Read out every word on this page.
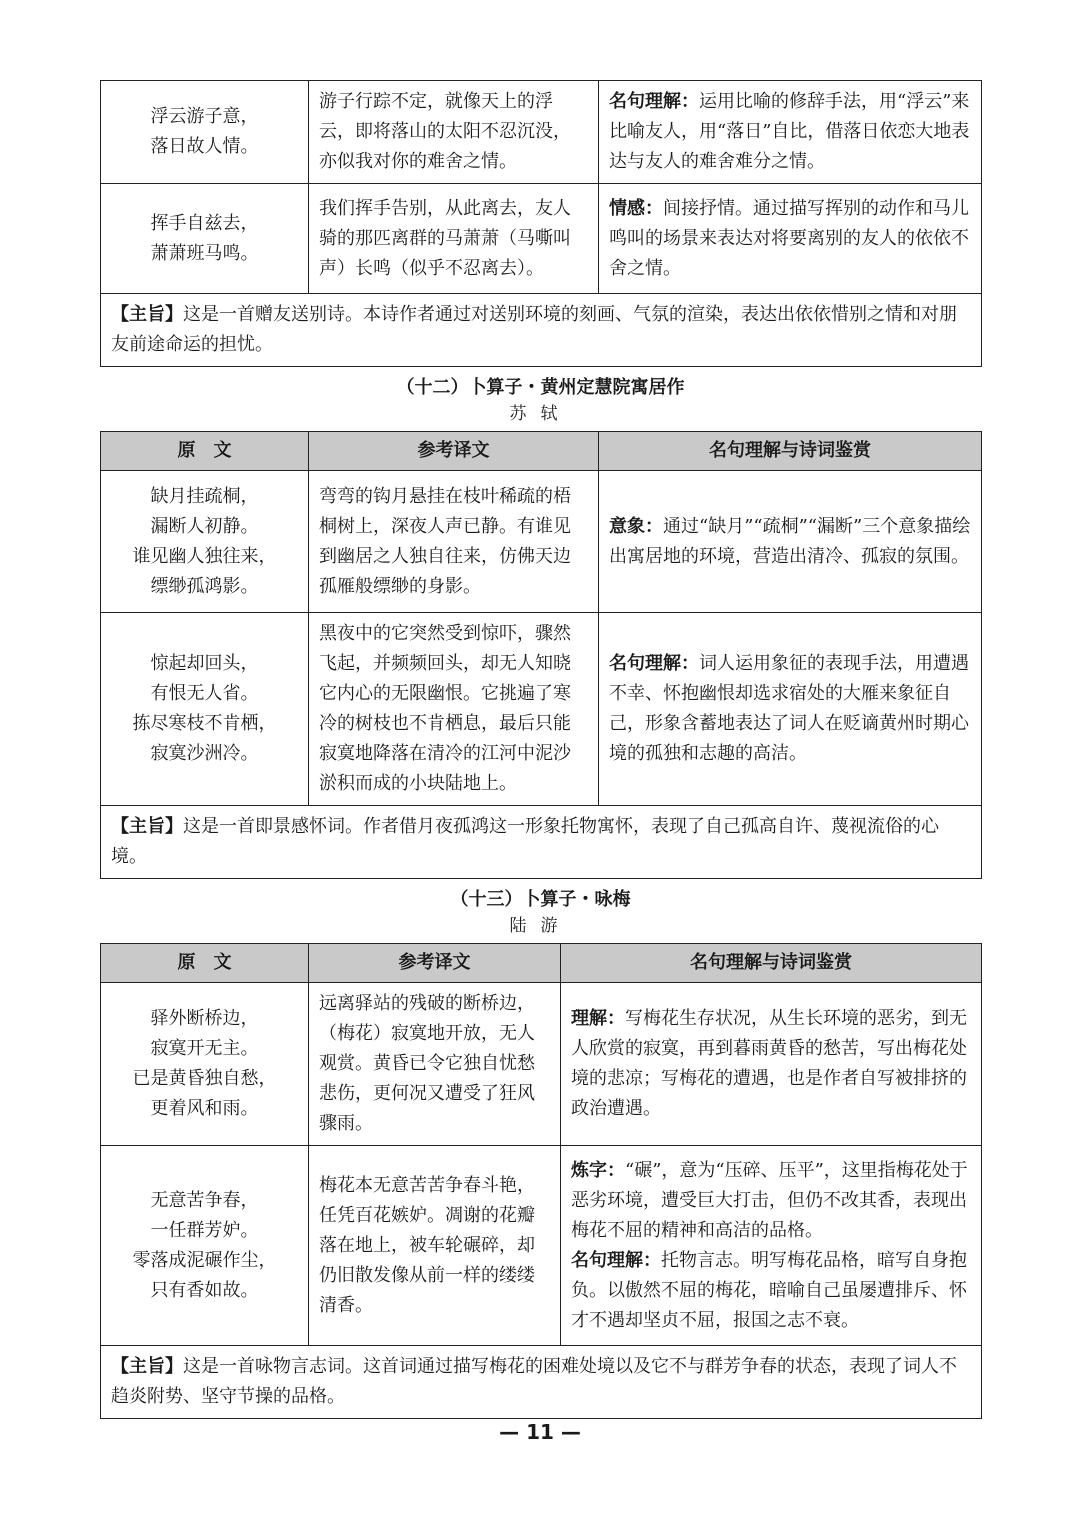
浮云游子意，
落日故人情。	游子行踪不定，就像天上的浮云，即将落山的太阳不忍沉没，亦似我对你的难舍之情。	名句理解：运用比喻的修辞手法，用“浮云”来比喻友人，用“落日”自比，借落日依恋大地表达与友人的难舍难分之情。

挥手自兹去，
萧萧班马鸣。	我们挥手告别，从此离去，友人骑的那匹离群的马萧萧（马嘶叫声）长鸣（似乎不忍离去）。	情感：间接抒情。通过描写挥别的动作和马儿鸣叫的场景来表达对将要离别的友人的依依不舍之情。
【主旨】这是一首赠友送别诗。本诗作者通过对送别环境的刻画、气氛的渲染，表达出依依惜别之情和对朋友前途命运的担忧。		
（十二）卜算子・黄州定慧院寓居作
苏轼
原　文	参考译文	名句理解与诗词鉴赏

缺月挂疏桐，
漏断人初静。
谁见幽人独往来，
缥缈孤鸿影。	弯弯的钩月悬挂在枝叶稀疏的梧桐树上，深夜人声已静。有谁见到幽居之人独自往来，仿佛天边孤雁般缥缈的身影。	意象：通过“缺月”“疏桐”“漏断”三个意象描绘出寓居地的环境，营造出清冷、孤寂的氛围。

惊起却回头，
有恨无人省。
拣尽寒枝不肯栖，
寂寞沙洲冷。	黑夜中的它突然受到惊吓，骤然飞起，并频频回头，却无人知晓它内心的无限幽恨。它挑遍了寒冷的树枝也不肯栖息，最后只能寂寞地降落在清冷的江河中泥沙淤积而成的小块陆地上。	名句理解：词人运用象征的表现手法，用遭遇不幸、怀抱幽恨却选求宿处的大雁来象征自己，形象含蓄地表达了词人在贬谪黄州时期心境的孤独和志趣的高洁。
【主旨】这是一首即景感怀词。作者借月夜孤鸿这一形象托物寓怀，表现了自己孤高自许、蔑视流俗的心境。		
（十三）卜算子・咏梅
陆游
原　文	参考译文	名句理解与诗词鉴赏

驿外断桥边，
寂寞开无主。
已是黄昏独自愁，
更着风和雨。	远离驿站的残破的断桥边，（梅花）寂寞地开放，无人观赏。黄昏已令它独自忧愁悲伤，更何况又遭受了狂风骤雨。	理解：写梅花生存状况，从生长环境的恶劣，到无人欣赏的寂寞，再到暮雨黄昏的愁苦，写出梅花处境的悲凉；写梅花的遭遇，也是作者自写被排挤的政治遭遇。

无意苦争春，
一任群芳妒。
零落成泥碾作尘，
只有香如故。	梅花本无意苦苦争春斗艳，任凭百花嫉妒。凋谢的花瓣落在地上，被车轮碾碎，却仍旧散发像从前一样的缕缕清香。	炼字：“碾”，意为“压碎、压平”，这里指梅花处于恶劣环境，遭受巨大打击，但仍不改其香，表现出梅花不屈的精神和高洁的品格。
名句理解：托物言志。明写梅花品格，暗写自身抱负。以傲然不屈的梅花，暗喻自己虽屡遭排斥、怀才不遇却坚贞不屈，报国之志不衰。
【主旨】这是一首咏物言志词。这首词通过描写梅花的困难处境以及它不与群芳争春的状态，表现了词人不趋炎附势、坚守节操的品格。		
— 11 —
